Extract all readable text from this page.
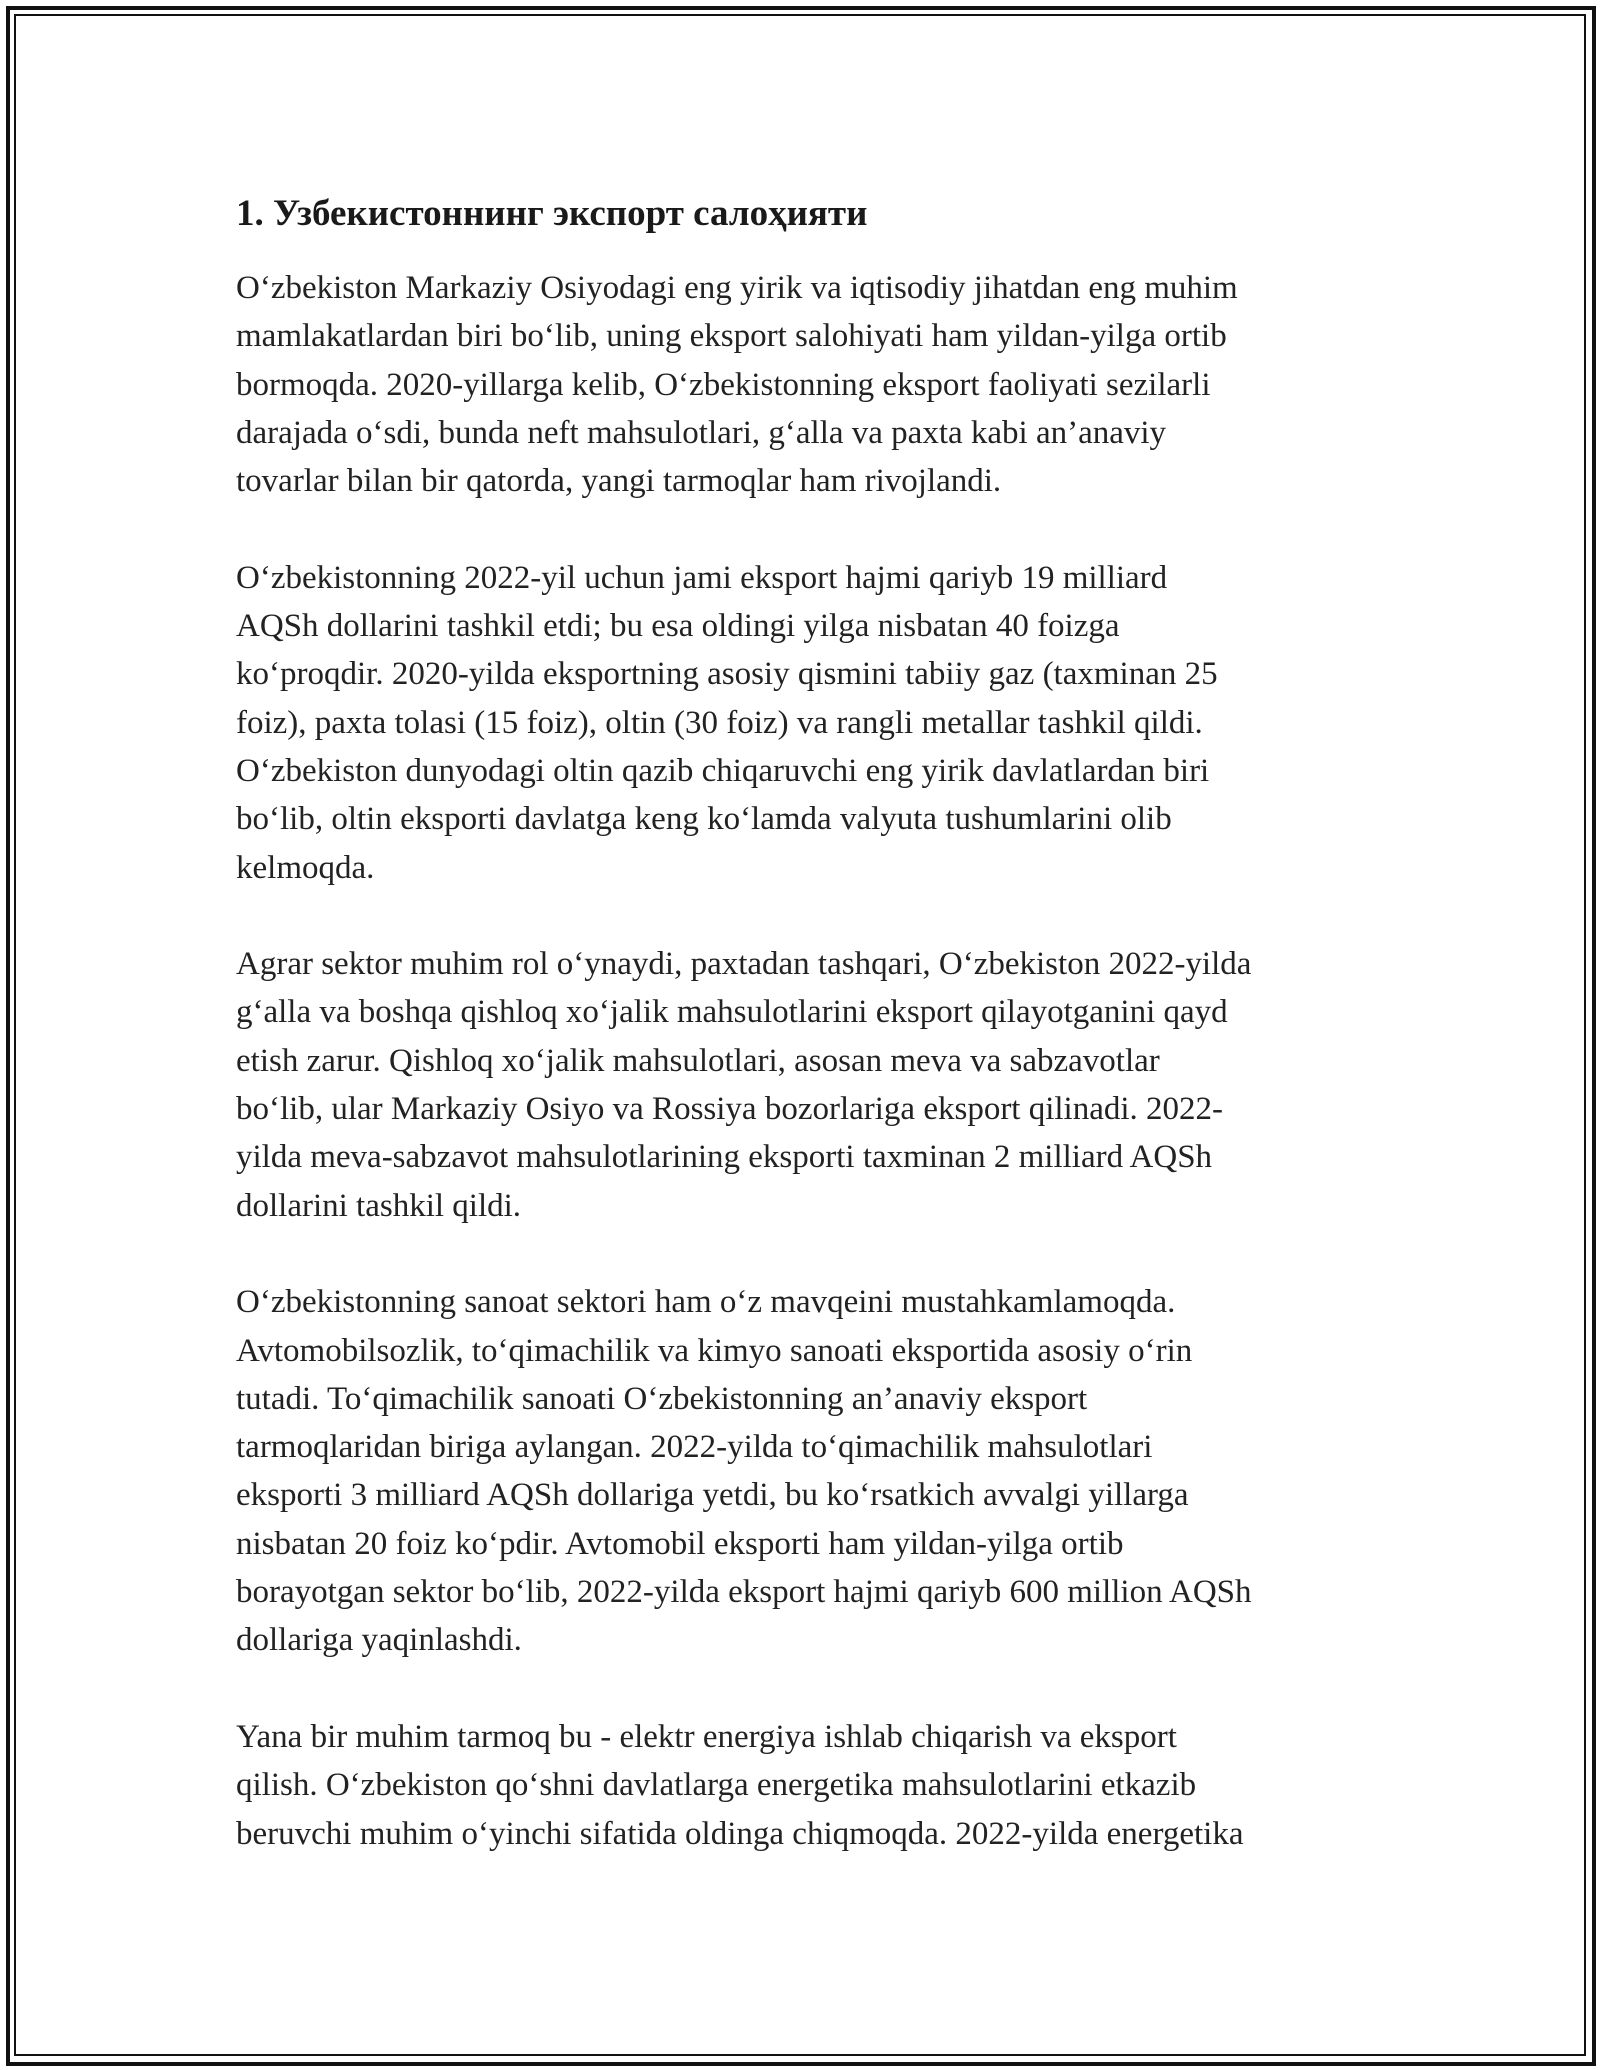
1. Узбекистоннинг экспорт салоҳияти
Oʻzbekiston Markaziy Osiyodagi eng yirik va iqtisodiy jihatdan eng muhim
mamlakatlardan biri boʻlib, uning eksport salohiyati ham yildan-yilga ortib
bormoqda. 2020-yillarga kelib, Oʻzbekistonning eksport faoliyati sezilarli
darajada oʻsdi, bunda neft mahsulotlari, gʻalla va paxta kabi an’anaviy
tovarlar bilan bir qatorda, yangi tarmoqlar ham rivojlandi.
Oʻzbekistonning 2022-yil uchun jami eksport hajmi qariyb 19 milliard
AQSh dollarini tashkil etdi; bu esa oldingi yilga nisbatan 40 foizga
koʻproqdir. 2020-yilda eksportning asosiy qismini tabiiy gaz (taxminan 25
foiz), paxta tolasi (15 foiz), oltin (30 foiz) va rangli metallar tashkil qildi.
Oʻzbekiston dunyodagi oltin qazib chiqaruvchi eng yirik davlatlardan biri
boʻlib, oltin eksporti davlatga keng koʻlamda valyuta tushumlarini olib
kelmoqda.
Agrar sektor muhim rol oʻynaydi, paxtadan tashqari, Oʻzbekiston 2022-yilda
gʻalla va boshqa qishloq xoʻjalik mahsulotlarini eksport qilayotganini qayd
etish zarur. Qishloq xoʻjalik mahsulotlari, asosan meva va sabzavotlar
boʻlib, ular Markaziy Osiyo va Rossiya bozorlariga eksport qilinadi. 2022-
yilda meva-sabzavot mahsulotlarining eksporti taxminan 2 milliard AQSh
dollarini tashkil qildi.
Oʻzbekistonning sanoat sektori ham oʻz mavqeini mustahkamlamoqda.
Avtomobilsozlik, toʻqimachilik va kimyo sanoati eksportida asosiy oʻrin
tutadi. Toʻqimachilik sanoati Oʻzbekistonning an’anaviy eksport
tarmoqlaridan biriga aylangan. 2022-yilda toʻqimachilik mahsulotlari
eksporti 3 milliard AQSh dollariga yetdi, bu koʻrsatkich avvalgi yillarga
nisbatan 20 foiz koʻpdir. Avtomobil eksporti ham yildan-yilga ortib
borayotgan sektor boʻlib, 2022-yilda eksport hajmi qariyb 600 million AQSh
dollariga yaqinlashdi.
Yana bir muhim tarmoq bu - elektr energiya ishlab chiqarish va eksport
qilish. Oʻzbekiston qoʻshni davlatlarga energetika mahsulotlarini etkazib
beruvchi muhim oʻyinchi sifatida oldinga chiqmoqda. 2022-yilda energetika
